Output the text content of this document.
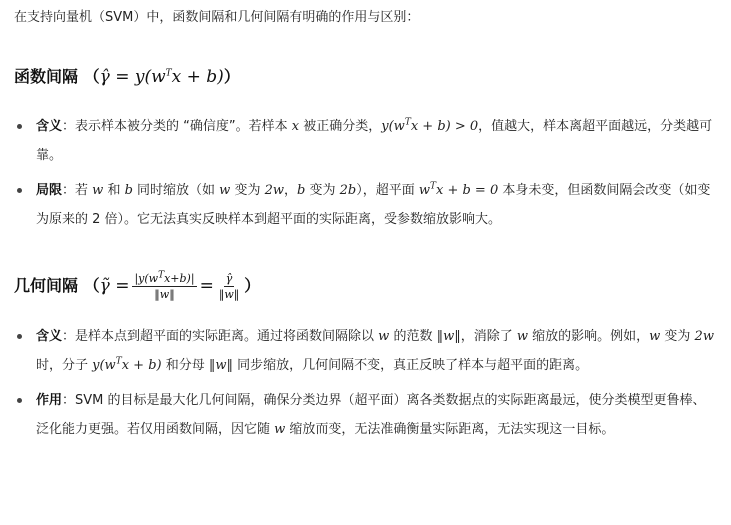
在支持向量机（SVM）中，函数间隔和几何间隔有明确的作用与区别：
函数间隔 （γ̂ = $y(w^Tx + b)$）
含义：表示样本被分类的 “确信度”。若样本 x 被正确分类，$y(w^Tx + b) > 0$，值越大，样本离超平面越远，分类越可靠。
局限：若 w 和 b 同时缩放（如 w 变为 2w，b 变为 2b），超平面 $w^Tx + b = 0$ 本身未变，但函数间隔会改变（如变为原来的 2 倍）。它无法真实反映样本到超平面的实际距离，受参数缩放影响大。
几何间隔 （γ̃ = $\frac{|y(w^Tx+b)|}{‖w‖} = \frac{\gammâ}{‖w‖}$ ）
含义：是样本点到超平面的实际距离。通过将函数间隔除以 w 的范数 ‖w‖，消除了 w 缩放的影响。例如，w 变为 2w 时，分子 $y(w^Tx + b)$ 和分母 ‖w‖ 同步缩放，几何间隔不变，真正反映了样本与超平面的距离。
作用：SVM 的目标是最大化几何间隔，确保分类边界（超平面）离各类数据点的实际距离最远，使分类模型更鲁棒、泛化能力更强。若仅用函数间隔，因它随 w 缩放而变，无法准确衡量实际距离，无法实现这一目标。
